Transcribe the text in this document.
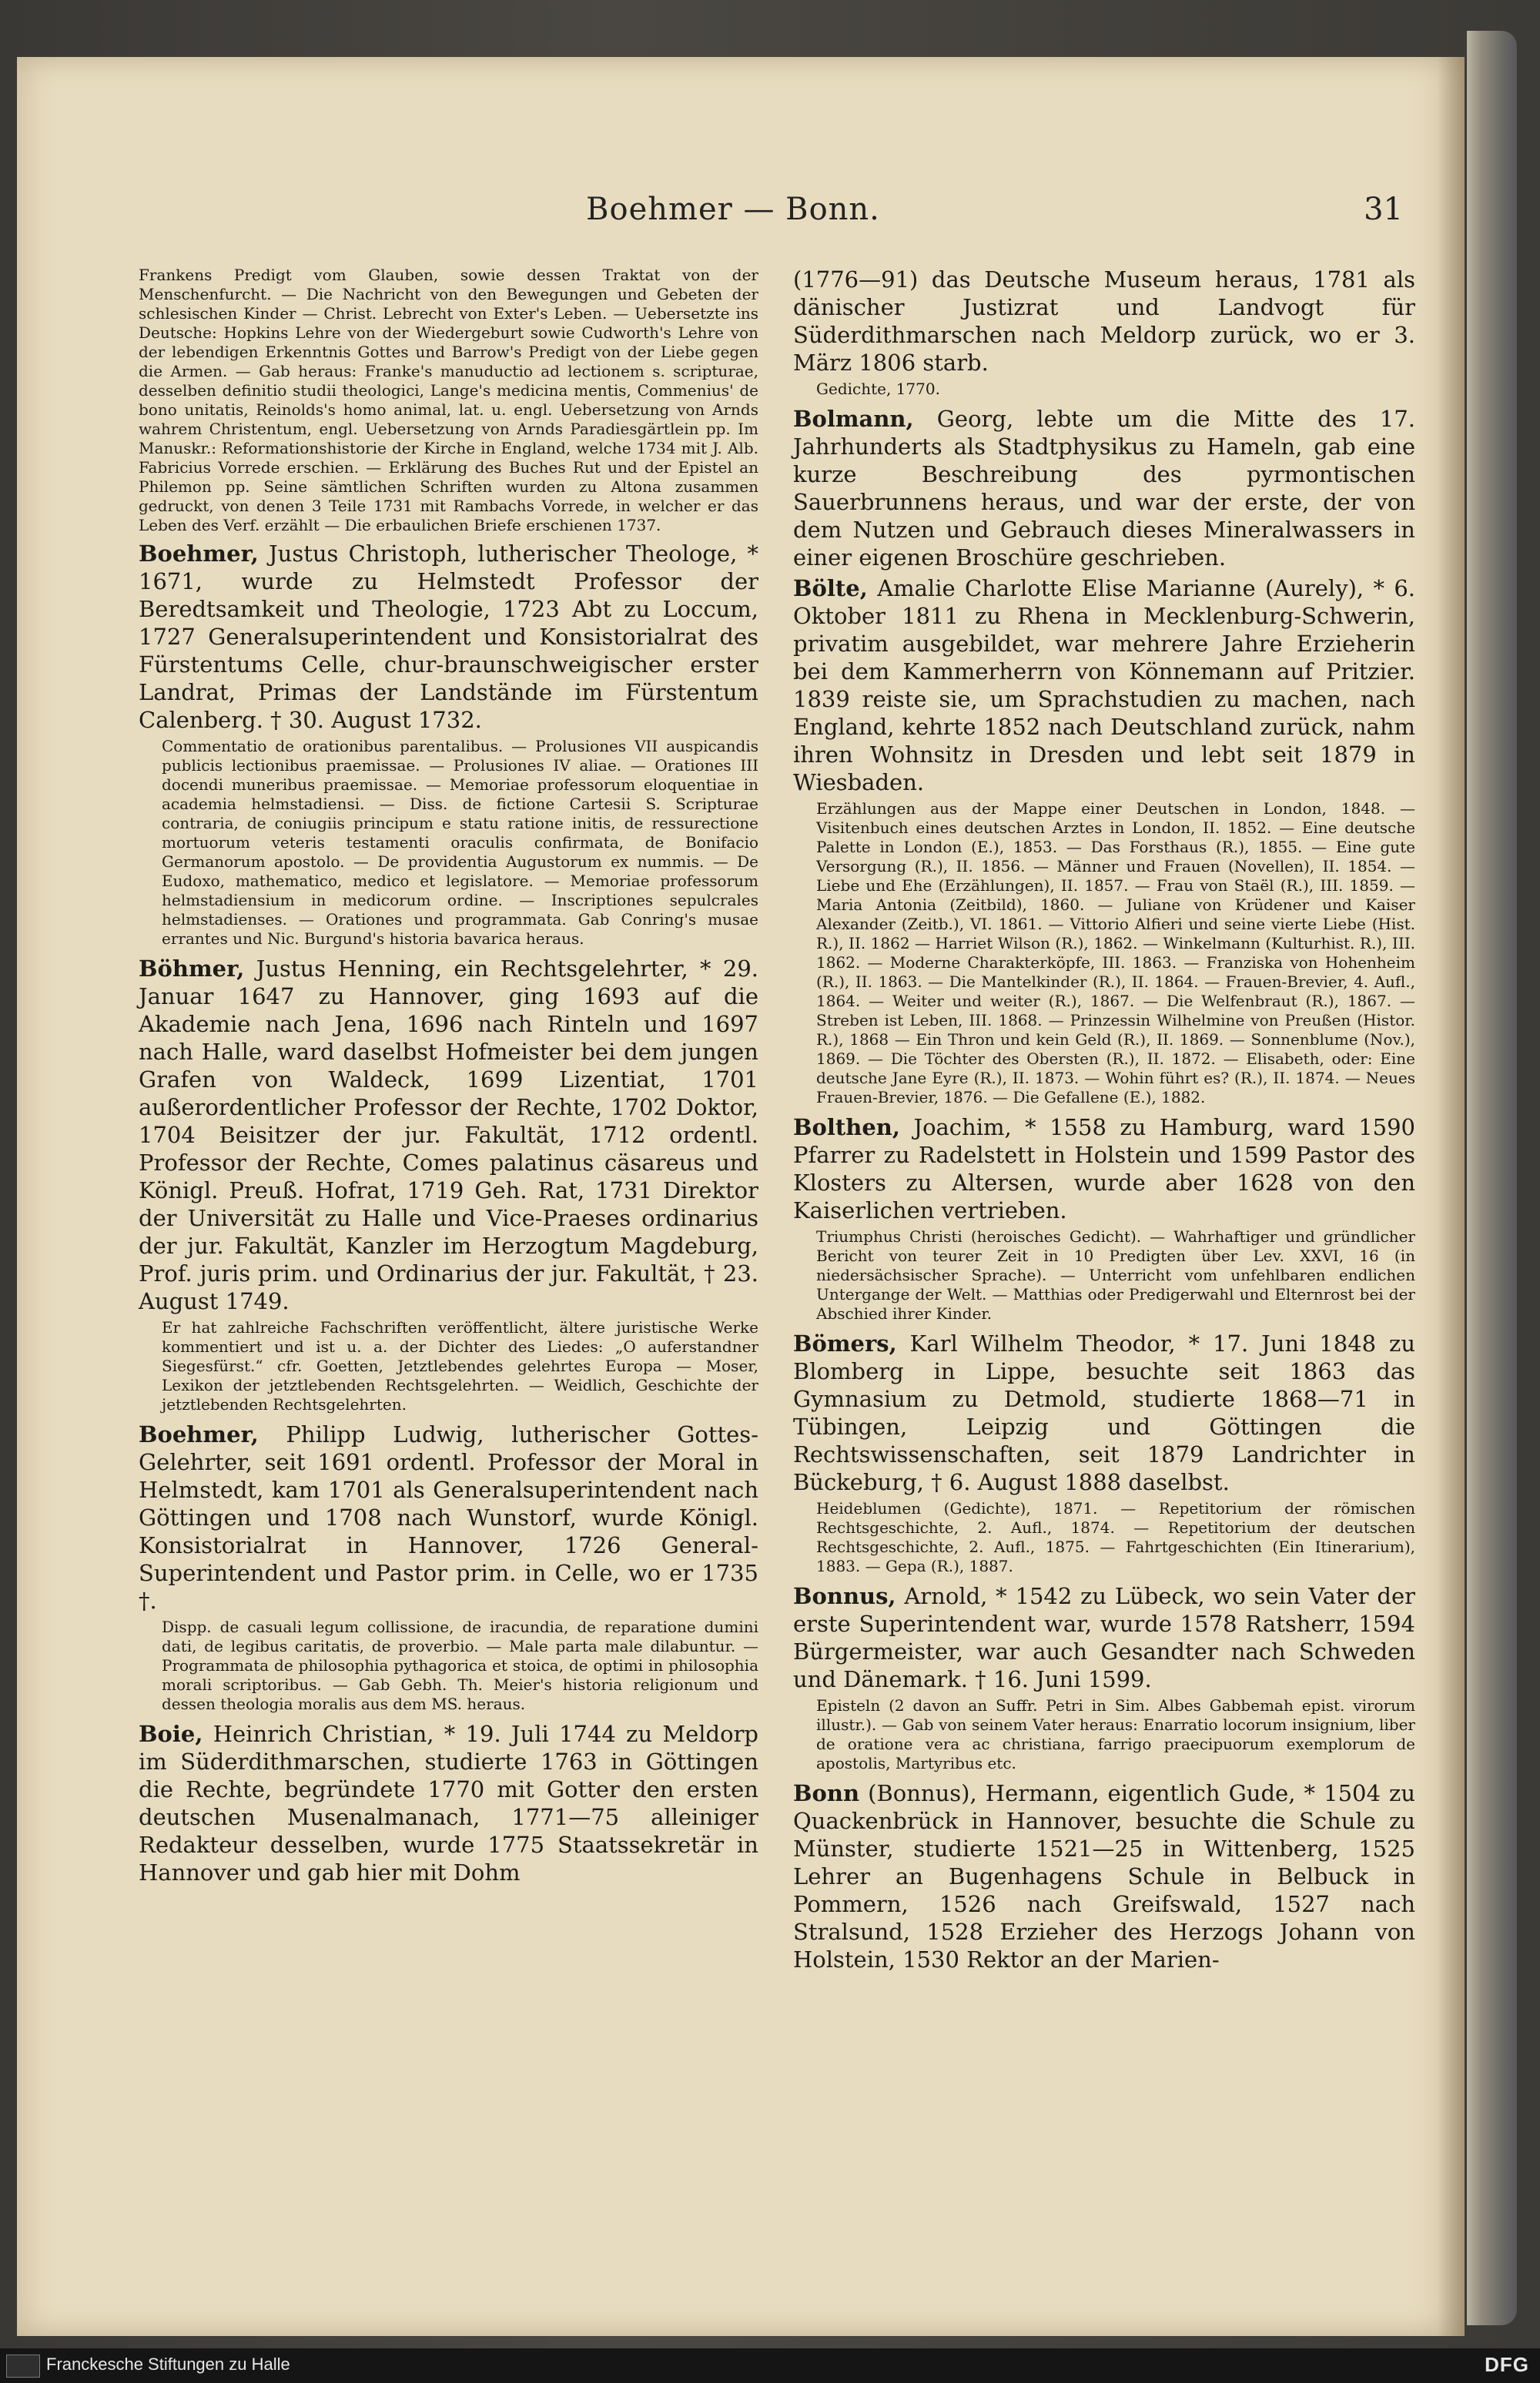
Boehmer — Bonn.	31

Frankens Predigt vom Glauben, sowie dessen Traktat von der Menschenfurcht. — Die Nachricht von den Bewegungen und Gebeten der schlesischen Kinder — Christ. Lebrecht von Exter's Leben. — Uebersetzte ins Deutsche: Hopkins Lehre von der Wiedergeburt sowie Cudworth's Lehre von der lebendigen Erkenntnis Gottes und Barrow's Predigt von der Liebe gegen die Armen. — Gab heraus: Franke's manuductio ad lectionem s. scripturae, desselben definitio studii theologici, Lange's medicina mentis, Commenius' de bono unitatis, Reinolds's homo animal, lat. u. engl. Uebersetzung von Arnds wahrem Christentum, engl. Uebersetzung von Arnds Paradiesgärtlein pp. Im Manuskr.: Reformationshistorie der Kirche in England, welche 1734 mit J. Alb. Fabricius Vorrede erschien. — Erklärung des Buches Rut und der Epistel an Philemon pp. Seine sämtlichen Schriften wurden zu Altona zusammen gedruckt, von denen 3 Teile 1731 mit Rambachs Vorrede, in welcher er das Leben des Verf. erzählt — Die erbaulichen Briefe erschienen 1737.

Boehmer, Justus Christoph, lutherischer Theologe, * 1671, wurde zu Helmstedt Professor der Beredtsamkeit und Theologie, 1723 Abt zu Loccum, 1727 Generalsuperintendent und Konsistorialrat des Fürstentums Celle, chur-braunschweigischer erster Landrat, Primas der Landstände im Fürstentum Calenberg. † 30. August 1732.

Commentatio de orationibus parentalibus. — Prolusiones VII auspicandis publicis lectionibus praemissae. — Prolusiones IV aliae. — Orationes III docendi muneribus praemissae. — Memoriae professorum eloquentiae in academia helmstadiensi. — Diss. de fictione Cartesii S. Scripturae contraria, de coniugiis principum e statu ratione initis, de ressurectione mortuorum veteris testamenti oraculis confirmata, de Bonifacio Germanorum apostolo. — De providentia Augustorum ex nummis. — De Eudoxo, mathematico, medico et legislatore. — Memoriae professorum helmstadiensium in medicorum ordine. — Inscriptiones sepulcrales helmstadienses. — Orationes und programmata. Gab Conring's musae errantes und Nic. Burgund's historia bavarica heraus.

Böhmer, Justus Henning, ein Rechtsgelehrter, * 29. Januar 1647 zu Hannover, ging 1693 auf die Akademie nach Jena, 1696 nach Rinteln und 1697 nach Halle, ward daselbst Hofmeister bei dem jungen Grafen von Waldeck, 1699 Lizentiat, 1701 außerordentlicher Professor der Rechte, 1702 Doktor, 1704 Beisitzer der jur. Fakultät, 1712 ordentl. Professor der Rechte, Comes palatinus cäsareus und Königl. Preuß. Hofrat, 1719 Geh. Rat, 1731 Direktor der Universität zu Halle und Vice-Praeses ordinarius der jur. Fakultät, Kanzler im Herzogtum Magdeburg, Prof. juris prim. und Ordinarius der jur. Fakultät, † 23. August 1749.

Er hat zahlreiche Fachschriften veröffentlicht, ältere juristische Werke kommentiert und ist u. a. der Dichter des Liedes: „O auferstandner Siegesfürst.“ cfr. Goetten, Jetztlebendes gelehrtes Europa — Moser, Lexikon der jetztlebenden Rechtsgelehrten. — Weidlich, Geschichte der jetztlebenden Rechtsgelehrten.

Boehmer, Philipp Ludwig, lutherischer Gottes-Gelehrter, seit 1691 ordentl. Professor der Moral in Helmstedt, kam 1701 als Generalsuperintendent nach Göttingen und 1708 nach Wunstorf, wurde Königl. Konsistorialrat in Hannover, 1726 General-Superintendent und Pastor prim. in Celle, wo er 1735 †.

Dispp. de casuali legum collissione, de iracundia, de reparatione dumini dati, de legibus caritatis, de proverbio. — Male parta male dilabuntur. — Programmata de philosophia pythagorica et stoica, de optimi in philosophia morali scriptoribus. — Gab Gebh. Th. Meier's historia religionum und dessen theologia moralis aus dem MS. heraus.

Boie, Heinrich Christian, * 19. Juli 1744 zu Meldorp im Süderdithmarschen, studierte 1763 in Göttingen die Rechte, begründete 1770 mit Gotter den ersten deutschen Musenalmanach, 1771—75 alleiniger Redakteur desselben, wurde 1775 Staatssekretär in Hannover und gab hier mit Dohm

(1776—91) das Deutsche Museum heraus, 1781 als dänischer Justizrat und Landvogt für Süderdithmarschen nach Meldorp zurück, wo er 3. März 1806 starb.

Gedichte, 1770.

Bolmann, Georg, lebte um die Mitte des 17. Jahrhunderts als Stadtphysikus zu Hameln, gab eine kurze Beschreibung des pyrmontischen Sauerbrunnens heraus, und war der erste, der von dem Nutzen und Gebrauch dieses Mineralwassers in einer eigenen Broschüre geschrieben.

Bölte, Amalie Charlotte Elise Marianne (Aurely), * 6. Oktober 1811 zu Rhena in Mecklenburg-Schwerin, privatim ausgebildet, war mehrere Jahre Erzieherin bei dem Kammerherrn von Könnemann auf Pritzier. 1839 reiste sie, um Sprachstudien zu machen, nach England, kehrte 1852 nach Deutschland zurück, nahm ihren Wohnsitz in Dresden und lebt seit 1879 in Wiesbaden.

Erzählungen aus der Mappe einer Deutschen in London, 1848. — Visitenbuch eines deutschen Arztes in London, II. 1852. — Eine deutsche Palette in London (E.), 1853. — Das Forsthaus (R.), 1855. — Eine gute Versorgung (R.), II. 1856. — Männer und Frauen (Novellen), II. 1854. — Liebe und Ehe (Erzählungen), II. 1857. — Frau von Staël (R.), III. 1859. — Maria Antonia (Zeitbild), 1860. — Juliane von Krüdener und Kaiser Alexander (Zeitb.), VI. 1861. — Vittorio Alfieri und seine vierte Liebe (Hist. R.), II. 1862 — Harriet Wilson (R.), 1862. — Winkelmann (Kulturhist. R.), III. 1862. — Moderne Charakterköpfe, III. 1863. — Franziska von Hohenheim (R.), II. 1863. — Die Mantelkinder (R.), II. 1864. — Frauen-Brevier, 4. Aufl., 1864. — Weiter und weiter (R.), 1867. — Die Welfenbraut (R.), 1867. — Streben ist Leben, III. 1868. — Prinzessin Wilhelmine von Preußen (Histor. R.), 1868 — Ein Thron und kein Geld (R.), II. 1869. — Sonnenblume (Nov.), 1869. — Die Töchter des Obersten (R.), II. 1872. — Elisabeth, oder: Eine deutsche Jane Eyre (R.), II. 1873. — Wohin führt es? (R.), II. 1874. — Neues Frauen-Brevier, 1876. — Die Gefallene (E.), 1882.

Bolthen, Joachim, * 1558 zu Hamburg, ward 1590 Pfarrer zu Radelstett in Holstein und 1599 Pastor des Klosters zu Altersen, wurde aber 1628 von den Kaiserlichen vertrieben.

Triumphus Christi (heroisches Gedicht). — Wahrhaftiger und gründlicher Bericht von teurer Zeit in 10 Predigten über Lev. XXVI, 16 (in niedersächsischer Sprache). — Unterricht vom unfehlbaren endlichen Untergange der Welt. — Matthias oder Predigerwahl und Elternrost bei der Abschied ihrer Kinder.

Bömers, Karl Wilhelm Theodor, * 17. Juni 1848 zu Blomberg in Lippe, besuchte seit 1863 das Gymnasium zu Detmold, studierte 1868—71 in Tübingen, Leipzig und Göttingen die Rechtswissenschaften, seit 1879 Landrichter in Bückeburg, † 6. August 1888 daselbst.

Heideblumen (Gedichte), 1871. — Repetitorium der römischen Rechtsgeschichte, 2. Aufl., 1874. — Repetitorium der deutschen Rechtsgeschichte, 2. Aufl., 1875. — Fahrtgeschichten (Ein Itinerarium), 1883. — Gepa (R.), 1887.

Bonnus, Arnold, * 1542 zu Lübeck, wo sein Vater der erste Superintendent war, wurde 1578 Ratsherr, 1594 Bürgermeister, war auch Gesandter nach Schweden und Dänemark. † 16. Juni 1599.

Episteln (2 davon an Suffr. Petri in Sim. Albes Gabbemah epist. virorum illustr.). — Gab von seinem Vater heraus: Enarratio locorum insignium, liber de oratione vera ac christiana, farrigo praecipuorum exemplorum de apostolis, Martyribus etc.

Bonn (Bonnus), Hermann, eigentlich Gude, * 1504 zu Quackenbrück in Hannover, besuchte die Schule zu Münster, studierte 1521—25 in Wittenberg, 1525 Lehrer an Bugenhagens Schule in Belbuck in Pommern, 1526 nach Greifswald, 1527 nach Stralsund, 1528 Erzieher des Herzogs Johann von Holstein, 1530 Rektor an der Marien-

Franckesche Stiftungen zu Halle	DFG
